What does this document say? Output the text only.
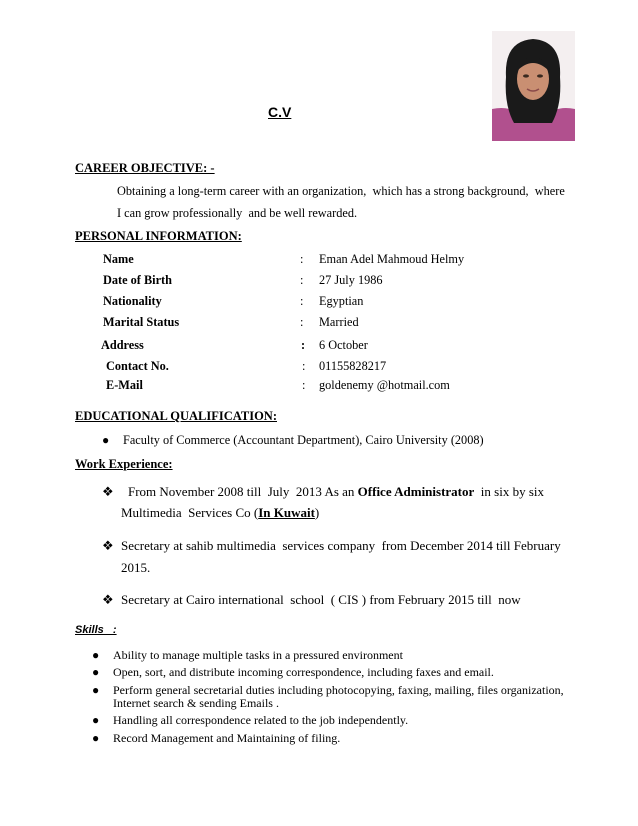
C.V
CAREER OBJECTIVE: -
Obtaining a long-term career with an organization,  which has a strong background,  where
I can grow professionally  and be well rewarded.
PERSONAL INFORMATION:
Name	: Eman Adel Mahmoud Helmy
Date of Birth	: 27 July 1986
Nationality	: Egyptian
Marital Status	: Married
Address	: 6 October
Contact No.	: 01155828217
E-Mail	: goldenemy @hotmail.com
EDUCATIONAL QUALIFICATION:
● Faculty of Commerce (Accountant Department), Cairo University (2008)
Work Experience:
❖ From November 2008 till  July  2013 As an Office Administrator  in six by six
Multimedia  Services Co (In Kuwait)
❖ Secretary at sahib multimedia  services company  from December 2014 till February
2015.
❖ Secretary at Cairo international  school  ( CIS ) from February 2015 till  now
Skills   :
● Ability to manage multiple tasks in a pressured environment
● Open, sort, and distribute incoming correspondence, including faxes and email.
● Perform general secretarial duties including photocopying, faxing, mailing, files organization,
Internet search & sending Emails .
● Handling all correspondence related to the job independently.
● Record Management and Maintaining of filing.
